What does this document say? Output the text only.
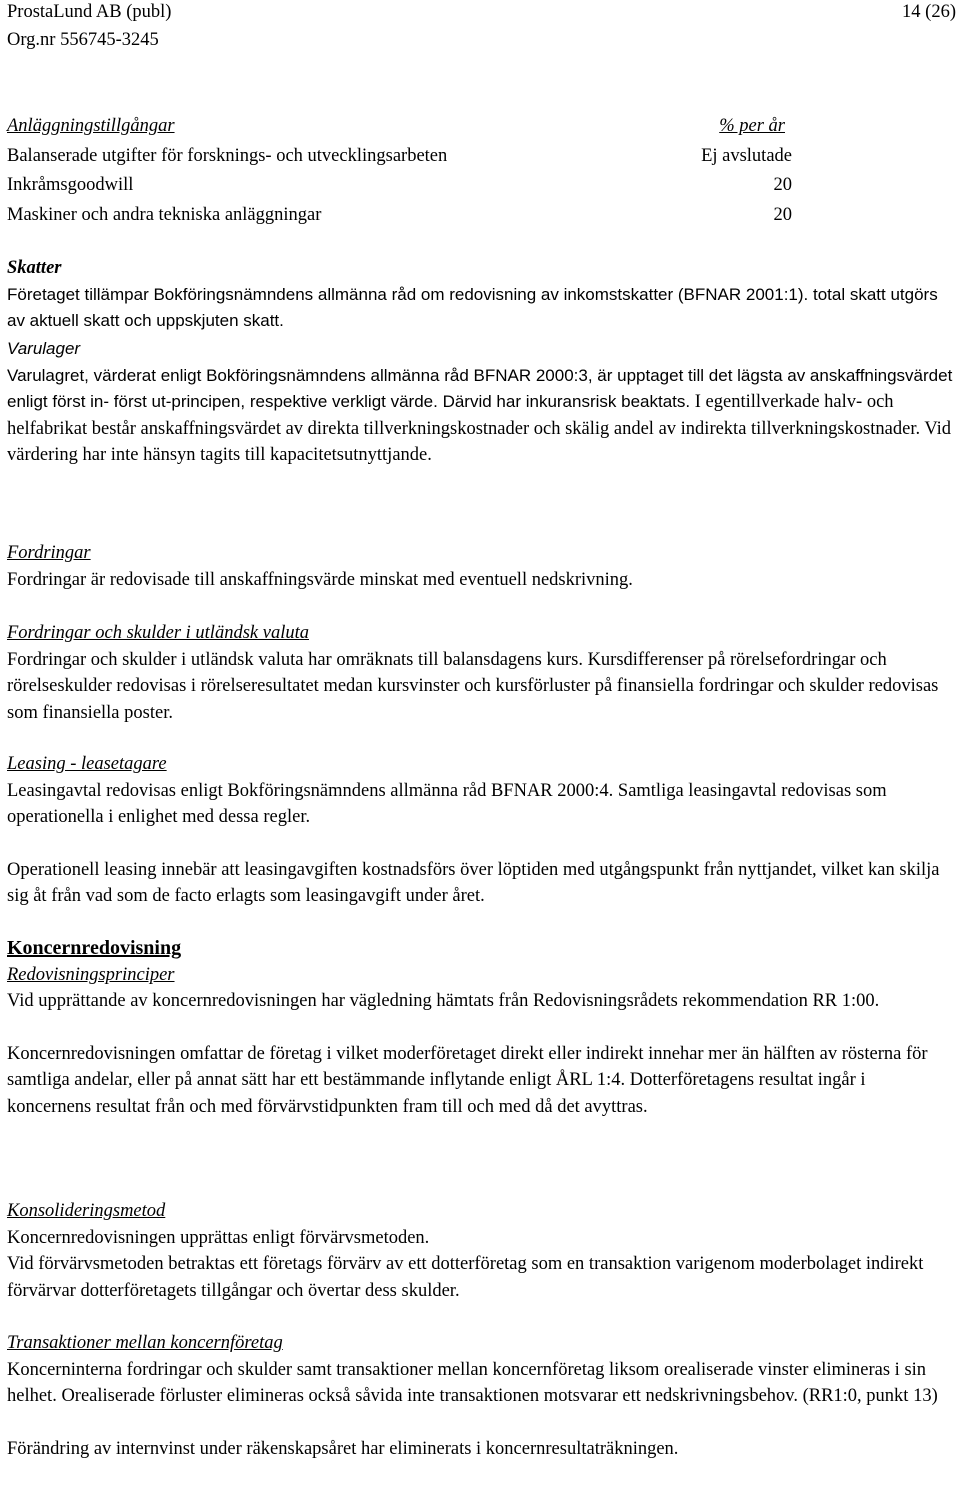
ProstaLund AB (publ)
Org.nr 556745-3245
14 (26)
Anläggningstillgångar	% per år
Balanserade utgifter för forsknings- och utvecklingsarbeten	Ej avslutade
Inkråmsgoodwill	20
Maskiner och andra tekniska anläggningar	20

Skatter

Företaget tillämpar Bokföringsnämndens allmänna råd om redovisning av inkomstskatter (BFNAR 2001:1). total skatt utgörs av aktuell skatt och uppskjuten skatt.

Varulager

Varulagret, värderat enligt Bokföringsnämndens allmänna råd BFNAR 2000:3, är upptaget till det lägsta av anskaffningsvärdet enligt först in- först ut-principen, respektive verkligt värde. Därvid har inkuransrisk beaktats. I egentillverkade halv- och helfabrikat består anskaffningsvärdet av direkta tillverkningskostnader och skälig andel av indirekta tillverkningskostnader. Vid värdering har inte hänsyn tagits till kapacitetsutnyttjande.

Fordringar

Fordringar är redovisade till anskaffningsvärde minskat med eventuell nedskrivning.

Fordringar och skulder i utländsk valuta

Fordringar och skulder i utländsk valuta har omräknats till balansdagens kurs. Kursdifferenser på rörelsefordringar och rörelseskulder redovisas i rörelseresultatet medan kursvinster och kursförluster på finansiella fordringar och skulder redovisas som finansiella poster.

Leasing - leasetagare

Leasingavtal redovisas enligt Bokföringsnämndens allmänna råd BFNAR 2000:4. Samtliga leasingavtal redovisas som operationella i enlighet med dessa regler.

Operationell leasing innebär att leasingavgiften kostnadsförs över löptiden med utgångspunkt från nyttjandet, vilket kan skilja sig åt från vad som de facto erlagts som leasingavgift under året.

Koncernredovisning

Redovisningsprinciper

Vid upprättande av koncernredovisningen har vägledning hämtats från Redovisningsrådets rekommendation RR 1:00.

Koncernredovisningen omfattar de företag i vilket moderföretaget direkt eller indirekt innehar mer än hälften av rösterna för samtliga andelar, eller på annat sätt har ett bestämmande inflytande enligt ÅRL 1:4. Dotterföretagens resultat ingår i koncernens resultat från och med förvärvstidpunkten fram till och med då det avyttras.

Konsolideringsmetod

Koncernredovisningen upprättas enligt förvärvsmetoden.

Vid förvärvsmetoden betraktas ett företags förvärv av ett dotterföretag som en transaktion varigenom moderbolaget indirekt förvärvar dotterföretagets tillgångar och övertar dess skulder.

Transaktioner mellan koncernföretag

Koncerninterna fordringar och skulder samt transaktioner mellan koncernföretag liksom orealiserade vinster elimineras i sin helhet. Orealiserade förluster elimineras också såvida inte transaktionen motsvarar ett nedskrivningsbehov. (RR1:0, punkt 13)

Förändring av internvinst under räkenskapsåret har eliminerats i koncernresultaträkningen.
